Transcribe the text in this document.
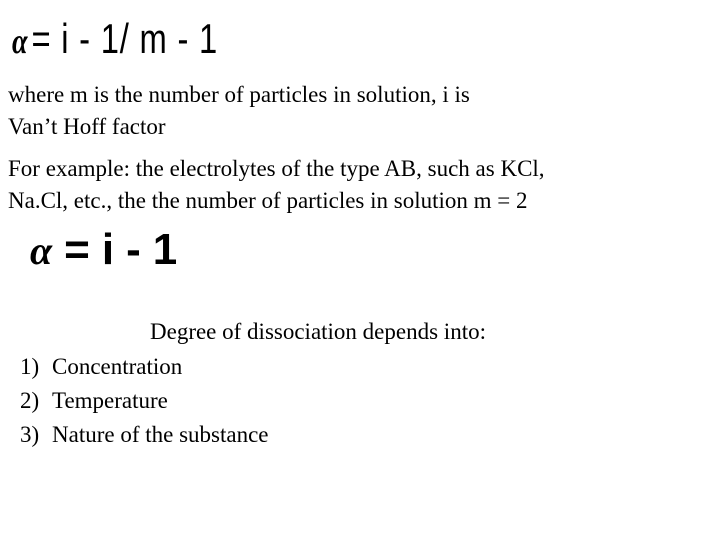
α= i - 1/ m - 1
where m is the number of particles in solution, i is
Van’t Hoff factor
For example: the electrolytes of the type AB, such as KCl,
Na.Cl, etc., the the number of particles in solution m = 2
α = i - 1
Degree of dissociation depends into:
1) Concentration
2) Temperature
3) Nature of the substance
